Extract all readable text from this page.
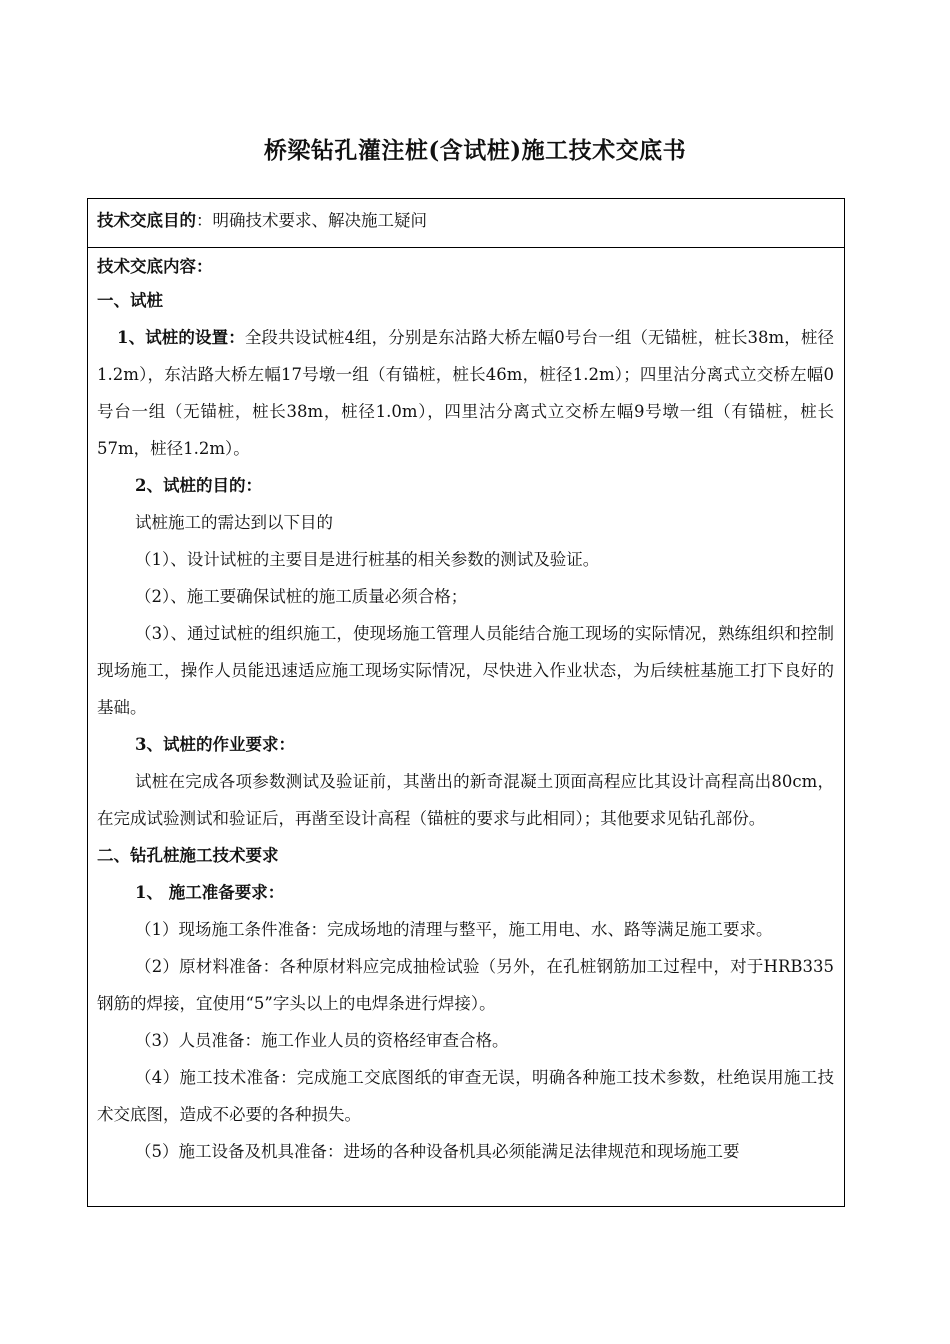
桥梁钻孔灌注桩(含试桩)施工技术交底书
技术交底目的：明确技术要求、解决施工疑问

技术交底内容：

一、试桩

1、试桩的设置：全段共设试桩4组，分别是东沽路大桥左幅0号台一组（无锚桩，桩长38m，桩径1.2m），东沽路大桥左幅17号墩一组（有锚桩，桩长46m，桩径1.2m）；四里沽分离式立交桥左幅0号台一组（无锚桩，桩长38m，桩径1.0m），四里沽分离式立交桥左幅9号墩一组（有锚桩，桩长57m，桩径1.2m）。

2、试桩的目的：

试桩施工的需达到以下目的

（1）、设计试桩的主要目是进行桩基的相关参数的测试及验证。

（2）、施工要确保试桩的施工质量必须合格；

（3）、通过试桩的组织施工，使现场施工管理人员能结合施工现场的实际情况，熟练组织和控制现场施工，操作人员能迅速适应施工现场实际情况，尽快进入作业状态，为后续桩基施工打下良好的基础。

3、试桩的作业要求：

试桩在完成各项参数测试及验证前，其凿出的新奇混凝土顶面高程应比其设计高程高出80cm，在完成试验测试和验证后，再凿至设计高程（锚桩的要求与此相同）；其他要求见钻孔部份。

二、钻孔桩施工技术要求

1、 施工准备要求：

（1）现场施工条件准备：完成场地的清理与整平，施工用电、水、路等满足施工要求。

（2）原材料准备：各种原材料应完成抽检试验（另外，在孔桩钢筋加工过程中，对于HRB335钢筋的焊接，宜使用“5”字头以上的电焊条进行焊接）。

（3）人员准备：施工作业人员的资格经审查合格。

（4）施工技术准备：完成施工交底图纸的审查无误，明确各种施工技术参数，杜绝误用施工技术交底图，造成不必要的各种损失。

（5）施工设备及机具准备：进场的各种设备机具必须能满足法律规范和现场施工要
